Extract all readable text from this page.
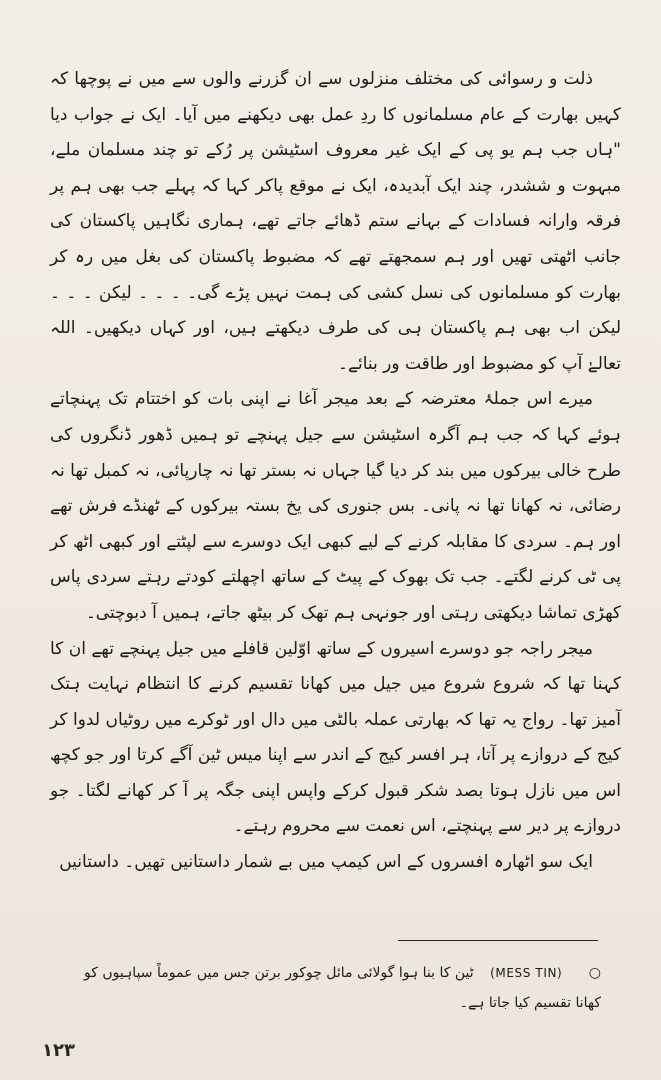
ذلت و رسوائی کی مختلف منزلوں سے ان گزرنے والوں سے میں نے پوچھا کہ کہیں بھارت کے عام مسلمانوں کا ردِ عمل بھی دیکھنے میں آیا۔ ایک نے جواب دیا "ہاں جب ہم یو پی کے ایک غیر معروف اسٹیشن پر رُکے تو چند مسلمان ملے، مبہوت و ششدر، چند ایک آبدیدہ، ایک نے موقع پاکر کہا کہ پہلے جب بھی ہم پر فرقہ وارانہ فسادات کے بہانے ستم ڈھائے جاتے تھے، ہماری نگاہیں پاکستان کی جانب اٹھتی تھیں اور ہم سمجھتے تھے کہ مضبوط پاکستان کی بغل میں رہ کر بھارت کو مسلمانوں کی نسل کشی کی ہمت نہیں پڑے گی۔ ۔ ۔ ۔ لیکن ۔ ۔ ۔ لیکن اب بھی ہم پاکستان ہی کی طرف دیکھتے ہیں، اور کہاں دیکھیں۔ اللہ تعالےٰ آپ کو مضبوط اور طاقت ور بنائے۔

میرے اس جملۂ معترضہ کے بعد میجر آغا نے اپنی بات کو اختتام تک پہنچاتے ہوئے کہا کہ جب ہم آگرہ اسٹیشن سے جیل پہنچے تو ہمیں ڈھور ڈنگروں کی طرح خالی بیرکوں میں بند کر دیا گیا جہاں نہ بستر تھا نہ چارپائی، نہ کمبل تھا نہ رضائی، نہ کھانا تھا نہ پانی۔ بس جنوری کی یخ بستہ بیرکوں کے ٹھنڈے فرش تھے اور ہم۔ سردی کا مقابلہ کرنے کے لیے کبھی ایک دوسرے سے لپٹتے اور کبھی اٹھ کر پی ٹی کرنے لگتے۔ جب تک بھوک کے پیٹ کے ساتھ اچھلتے کودتے رہتے سردی پاس کھڑی تماشا دیکھتی رہتی اور جونہی ہم تھک کر بیٹھ جاتے، ہمیں آ دبوچتی۔

میجر راجہ جو دوسرے اسیروں کے ساتھ اوّلین قافلے میں جیل پہنچے تھے ان کا کہنا تھا کہ شروع شروع میں جیل میں کھانا تقسیم کرنے کا انتظام نہایت ہتک آمیز تھا۔ رواج یہ تھا کہ بھارتی عملہ بالٹی میں دال اور ٹوکرے میں روٹیاں لدوا کر کیج کے دروازے پر آتا، ہر افسر کیج کے اندر سے اپنا میس ٹین آگے کرتا اور جو کچھ اس میں نازل ہوتا بصد شکر قبول کرکے واپس اپنی جگہ پر آ کر کھانے لگتا۔ جو دروازے پر دیر سے پہنچتے، اس نعمت سے محروم رہتے۔

ایک سو اٹھارہ افسروں کے اس کیمپ میں بے شمار داستانیں تھیں۔ داستانیں

○ (MESS TIN) ٹین کا بنا ہوا گولائی مائل چوکور برتن جس میں عموماً سپاہیوں کو کھانا تقسیم کیا جاتا ہے۔
۱۲۳
